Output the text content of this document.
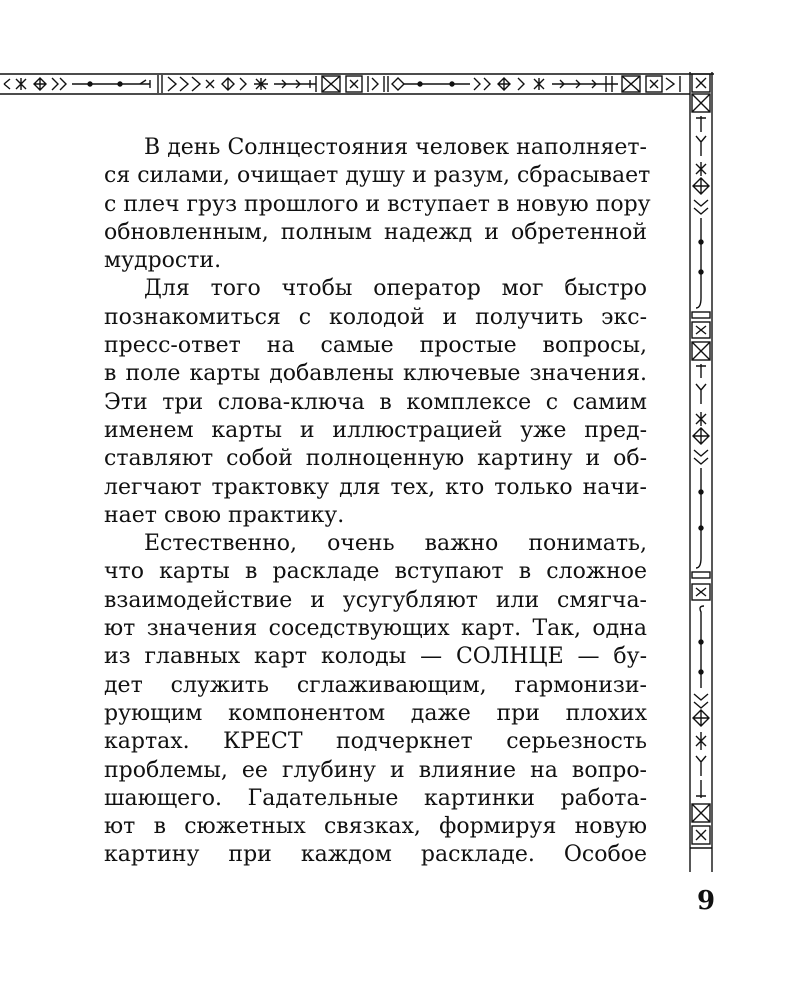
В день Солнцестояния человек наполняет-
ся силами, очищает душу и разум, сбрасывает
с плеч груз прошлого и вступает в новую пору
обновленным, полным надежд и обретенной
мудрости.
Для того чтобы оператор мог быстро
познакомиться с колодой и получить экс-
пресс-ответ на самые простые вопросы,
в поле карты добавлены ключевые значения.
Эти три слова-ключа в комплексе с самим
именем карты и иллюстрацией уже пред-
ставляют собой полноценную картину и об-
легчают трактовку для тех, кто только начи-
нает свою практику.
Естественно, очень важно понимать,
что карты в раскладе вступают в сложное
взаимодействие и усугубляют или смягча-
ют значения соседствующих карт. Так, одна
из главных карт колоды — СОЛНЦЕ — бу-
дет служить сглаживающим, гармонизи-
рующим компонентом даже при плохих
картах. КРЕСТ подчеркнет серьезность
проблемы, ее глубину и влияние на вопро-
шающего. Гадательные картинки работа-
ют в сюжетных связках, формируя новую
картину при каждом раскладе. Особое
9
